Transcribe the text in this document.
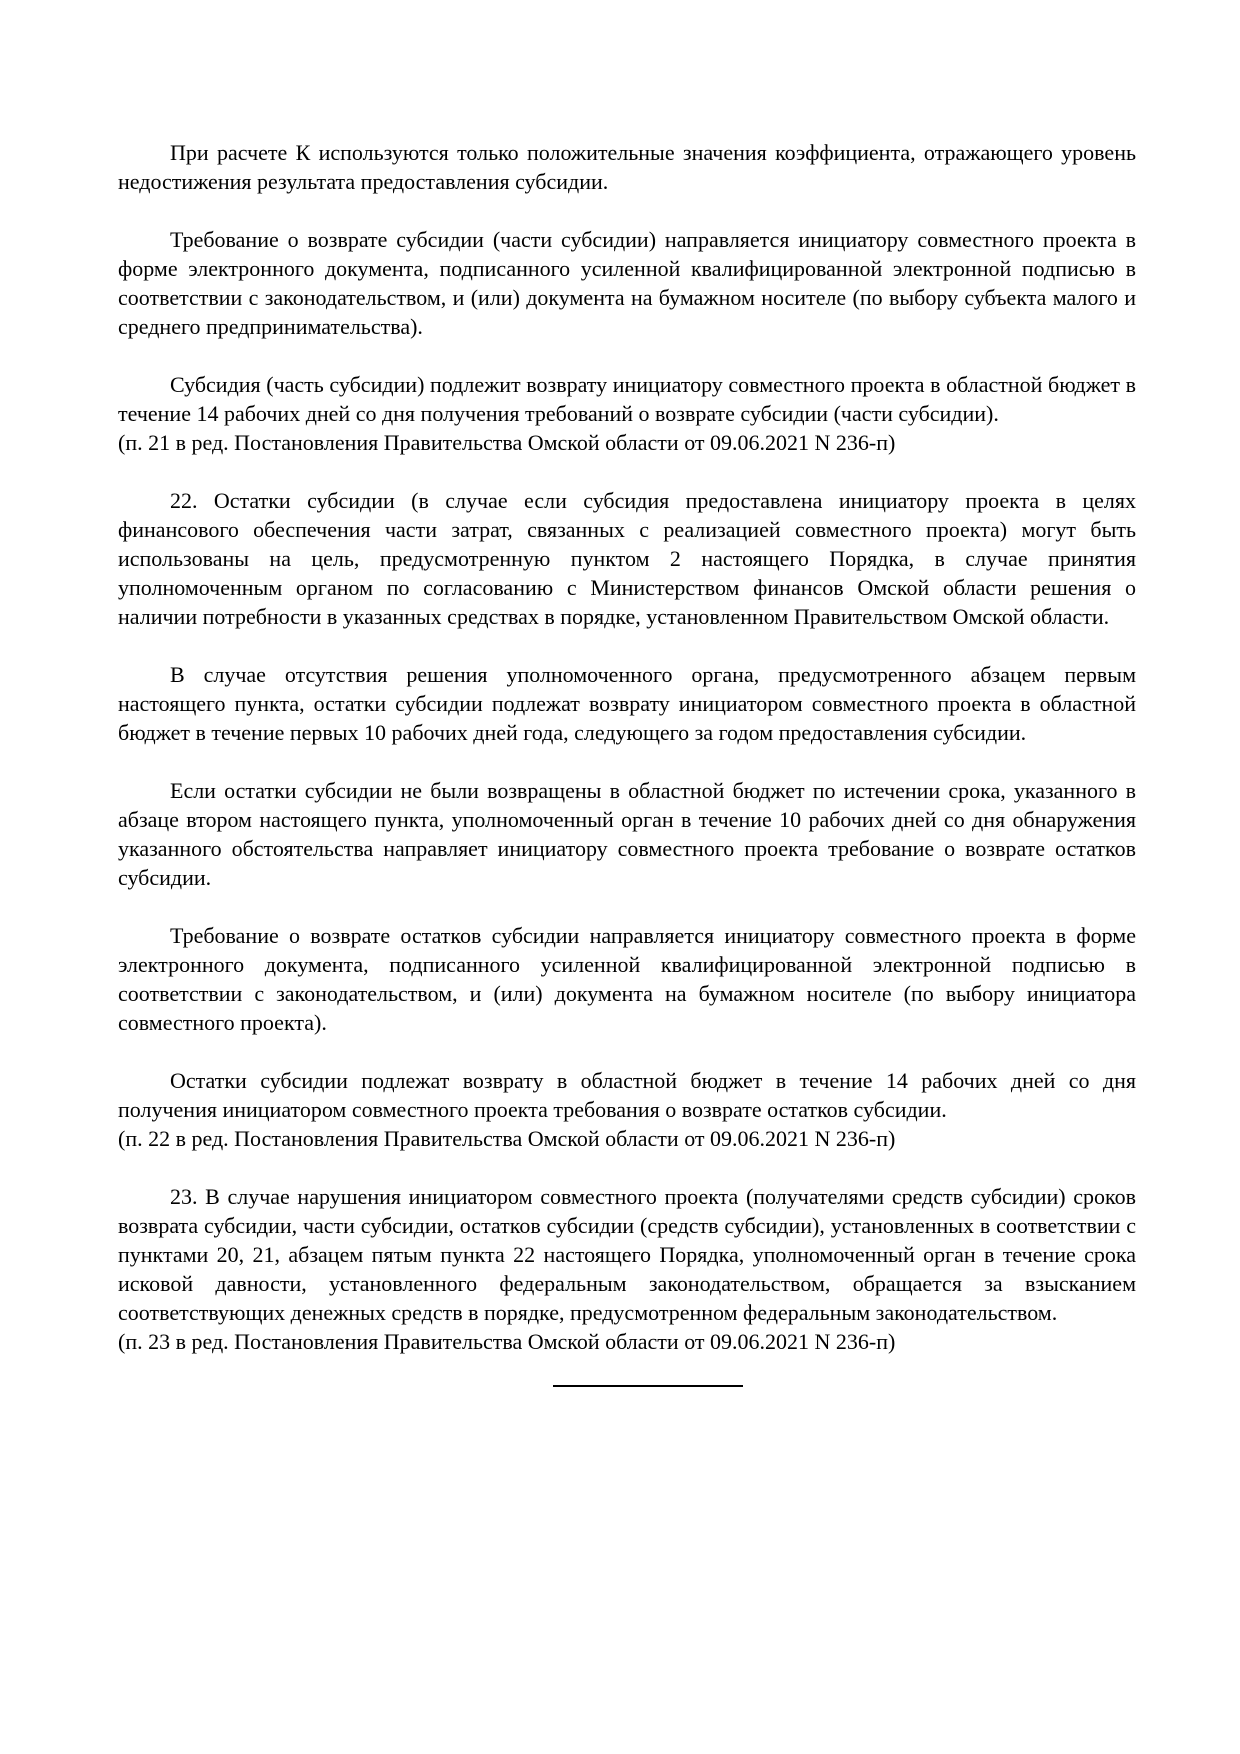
При расчете К используются только положительные значения коэффициента, отражающего уровень недостижения результата предоставления субсидии.

Требование о возврате субсидии (части субсидии) направляется инициатору совместного проекта в форме электронного документа, подписанного усиленной квалифицированной электронной подписью в соответствии с законодательством, и (или) документа на бумажном носителе (по выбору субъекта малого и среднего предпринимательства).

Субсидия (часть субсидии) подлежит возврату инициатору совместного проекта в областной бюджет в течение 14 рабочих дней со дня получения требований о возврате субсидии (части субсидии).

(п. 21 в ред. Постановления Правительства Омской области от 09.06.2021 N 236-п)

22. Остатки субсидии (в случае если субсидия предоставлена инициатору проекта в целях финансового обеспечения части затрат, связанных с реализацией совместного проекта) могут быть использованы на цель, предусмотренную пунктом 2 настоящего Порядка, в случае принятия уполномоченным органом по согласованию с Министерством финансов Омской области решения о наличии потребности в указанных средствах в порядке, установленном Правительством Омской области.

В случае отсутствия решения уполномоченного органа, предусмотренного абзацем первым настоящего пункта, остатки субсидии подлежат возврату инициатором совместного проекта в областной бюджет в течение первых 10 рабочих дней года, следующего за годом предоставления субсидии.

Если остатки субсидии не были возвращены в областной бюджет по истечении срока, указанного в абзаце втором настоящего пункта, уполномоченный орган в течение 10 рабочих дней со дня обнаружения указанного обстоятельства направляет инициатору совместного проекта требование о возврате остатков субсидии.

Требование о возврате остатков субсидии направляется инициатору совместного проекта в форме электронного документа, подписанного усиленной квалифицированной электронной подписью в соответствии с законодательством, и (или) документа на бумажном носителе (по выбору инициатора совместного проекта).

Остатки субсидии подлежат возврату в областной бюджет в течение 14 рабочих дней со дня получения инициатором совместного проекта требования о возврате остатков субсидии.

(п. 22 в ред. Постановления Правительства Омской области от 09.06.2021 N 236-п)

23. В случае нарушения инициатором совместного проекта (получателями средств субсидии) сроков возврата субсидии, части субсидии, остатков субсидии (средств субсидии), установленных в соответствии с пунктами 20, 21, абзацем пятым пункта 22 настоящего Порядка, уполномоченный орган в течение срока исковой давности, установленного федеральным законодательством, обращается за взысканием соответствующих денежных средств в порядке, предусмотренном федеральным законодательством.

(п. 23 в ред. Постановления Правительства Омской области от 09.06.2021 N 236-п)
